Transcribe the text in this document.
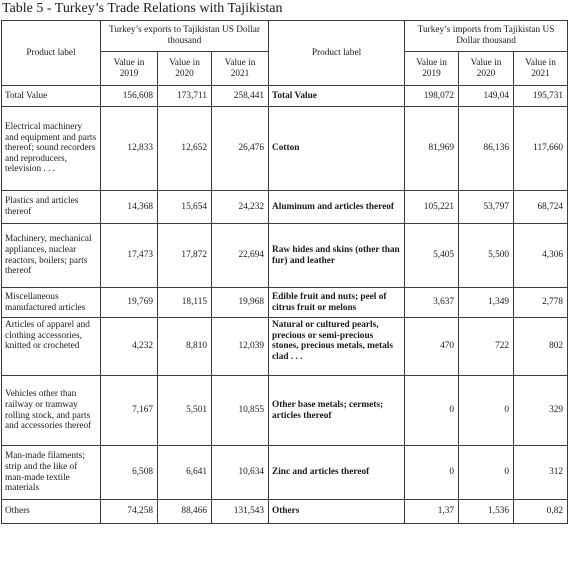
Table 5 - Turkey’s Trade Relations with Tajikistan
Product label	Turkey’s exports to Tajikistan US Dollar thousand			Product label	Turkey’s imports from Tajikistan US Dollar thousand		
	Value in 2019	Value in 2020	Value in 2021		Value in 2019	Value in 2020	Value in 2021
Total Value	156,608	173,711	258,441	Total Value	198,072	149,04	195,731
Electrical machinery and equipment and parts thereof; sound recorders and reproducers, television . . .	12,833	12,652	26,476	Cotton	81,969	86,136	117,660
Plastics and articles thereof	14,368	15,654	24,232	Aluminum and articles thereof	105,221	53,797	68,724
Machinery, mechanical appliances, nuclear reactors, boilers; parts thereof	17,473	17,872	22,694	Raw hides and skins (other than fur) and leather	5,405	5,500	4,306
Miscellaneous manufactured articles	19,769	18,115	19,968	Edible fruit and nuts; peel of citrus fruit or melons	3,637	1,349	2,778
Articles of apparel and clothing accessories, knitted or crocheted	4,232	8,810	12,039	Natural or cultured pearls, precious or semi-precious stones, precious metals, metals clad . . .	470	722	802
Vehicles other than railway or tramway rolling stock, and parts and accessories thereof	7,167	5,501	10,855	Other base metals; cermets; articles thereof	0	0	329
Man-made filaments; strip and the like of man-made textile materials	6,508	6,641	10,634	Zinc and articles thereof	0	0	312
Others	74,258	88,466	131,543	Others	1,37	1,536	0,82
